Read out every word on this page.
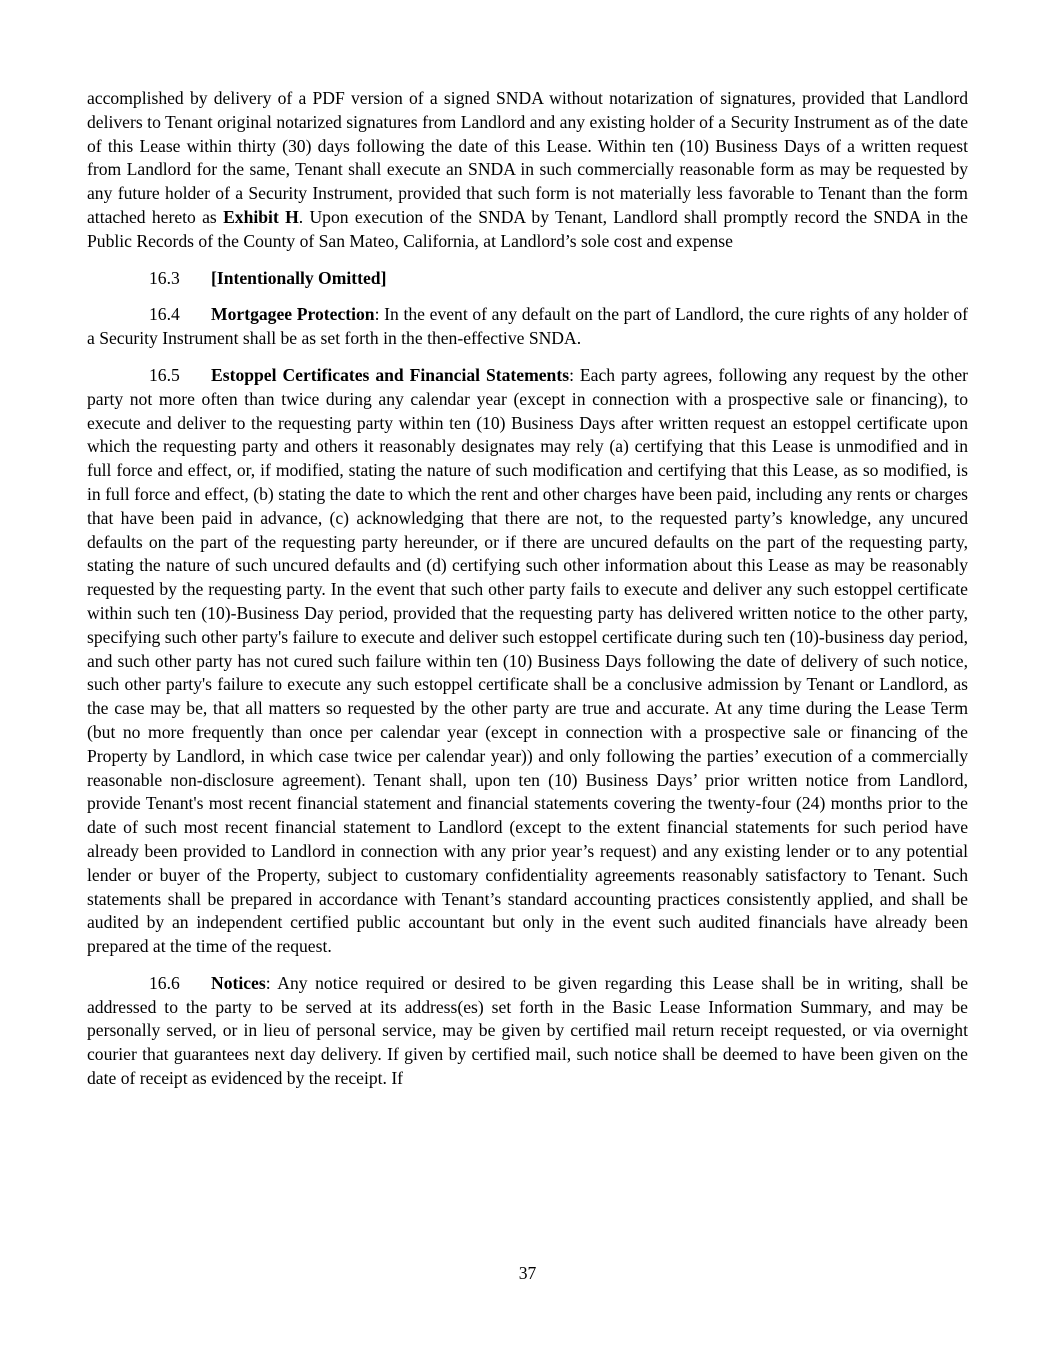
accomplished by delivery of a PDF version of a signed SNDA without notarization of signatures, provided that Landlord delivers to Tenant original notarized signatures from Landlord and any existing holder of a Security Instrument as of the date of this Lease within thirty (30) days following the date of this Lease. Within ten (10) Business Days of a written request from Landlord for the same, Tenant shall execute an SNDA in such commercially reasonable form as may be requested by any future holder of a Security Instrument, provided that such form is not materially less favorable to Tenant than the form attached hereto as Exhibit H. Upon execution of the SNDA by Tenant, Landlord shall promptly record the SNDA in the Public Records of the County of San Mateo, California, at Landlord’s sole cost and expense

16.3 [Intentionally Omitted]

16.4 Mortgagee Protection: In the event of any default on the part of Landlord, the cure rights of any holder of a Security Instrument shall be as set forth in the then-effective SNDA.

16.5 Estoppel Certificates and Financial Statements: Each party agrees, following any request by the other party not more often than twice during any calendar year (except in connection with a prospective sale or financing), to execute and deliver to the requesting party within ten (10) Business Days after written request an estoppel certificate upon which the requesting party and others it reasonably designates may rely (a) certifying that this Lease is unmodified and in full force and effect, or, if modified, stating the nature of such modification and certifying that this Lease, as so modified, is in full force and effect, (b) stating the date to which the rent and other charges have been paid, including any rents or charges that have been paid in advance, (c) acknowledging that there are not, to the requested party’s knowledge, any uncured defaults on the part of the requesting party hereunder, or if there are uncured defaults on the part of the requesting party, stating the nature of such uncured defaults and (d) certifying such other information about this Lease as may be reasonably requested by the requesting party. In the event that such other party fails to execute and deliver any such estoppel certificate within such ten (10)-Business Day period, provided that the requesting party has delivered written notice to the other party, specifying such other party's failure to execute and deliver such estoppel certificate during such ten (10)-business day period, and such other party has not cured such failure within ten (10) Business Days following the date of delivery of such notice, such other party's failure to execute any such estoppel certificate shall be a conclusive admission by Tenant or Landlord, as the case may be, that all matters so requested by the other party are true and accurate. At any time during the Lease Term (but no more frequently than once per calendar year (except in connection with a prospective sale or financing of the Property by Landlord, in which case twice per calendar year)) and only following the parties’ execution of a commercially reasonable non-disclosure agreement). Tenant shall, upon ten (10) Business Days’ prior written notice from Landlord, provide Tenant's most recent financial statement and financial statements covering the twenty-four (24) months prior to the date of such most recent financial statement to Landlord (except to the extent financial statements for such period have already been provided to Landlord in connection with any prior year’s request) and any existing lender or to any potential lender or buyer of the Property, subject to customary confidentiality agreements reasonably satisfactory to Tenant. Such statements shall be prepared in accordance with Tenant’s standard accounting practices consistently applied, and shall be audited by an independent certified public accountant but only in the event such audited financials have already been prepared at the time of the request.

16.6 Notices: Any notice required or desired to be given regarding this Lease shall be in writing, shall be addressed to the party to be served at its address(es) set forth in the Basic Lease Information Summary, and may be personally served, or in lieu of personal service, may be given by certified mail return receipt requested, or via overnight courier that guarantees next day delivery. If given by certified mail, such notice shall be deemed to have been given on the date of receipt as evidenced by the receipt. If

37
